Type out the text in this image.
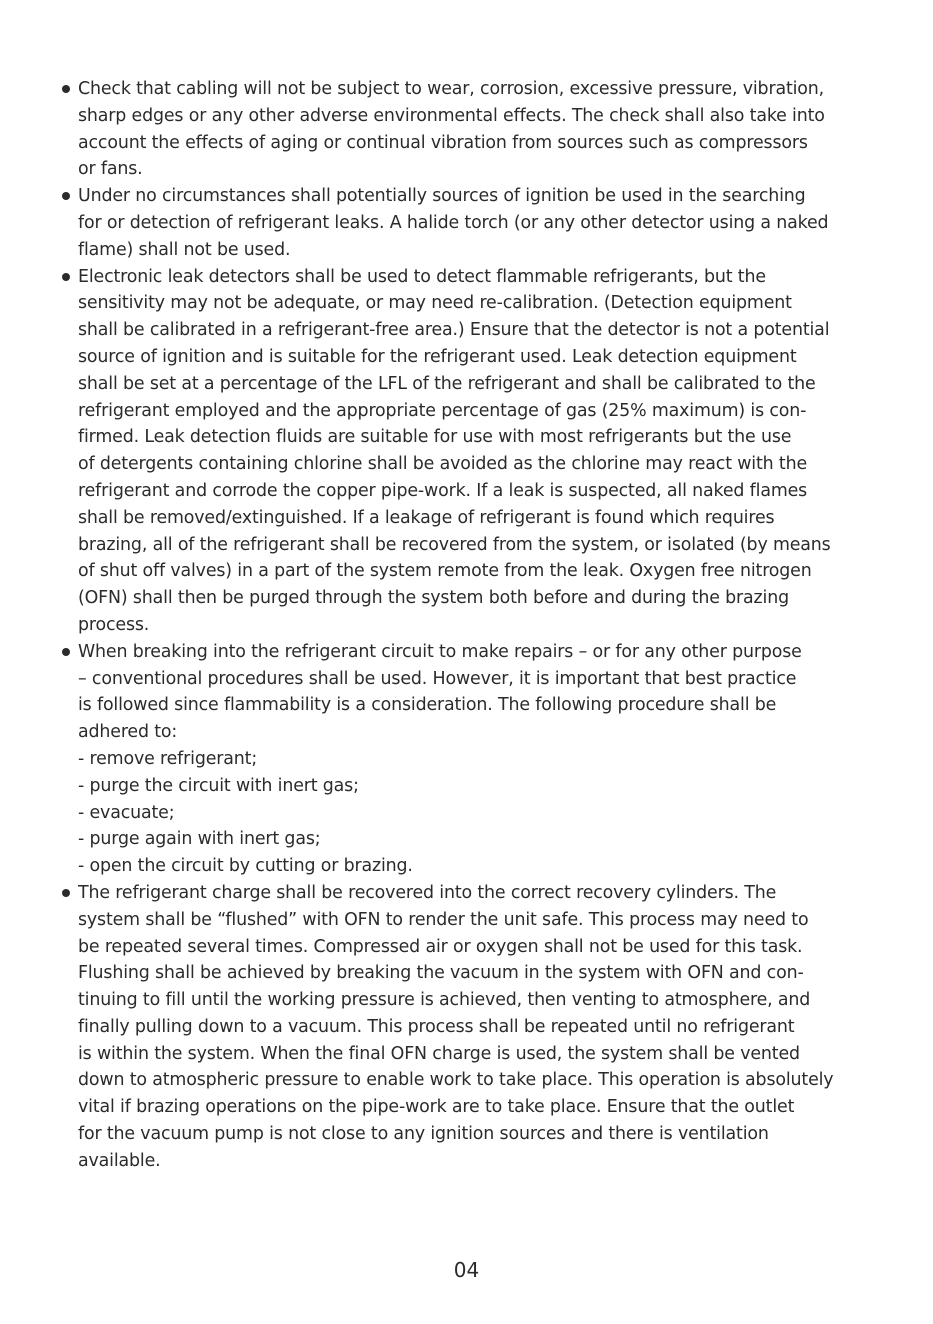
Check that cabling will not be subject to wear, corrosion, excessive pressure, vibration,
sharp edges or any other adverse environmental effects. The check shall also take into
account the effects of aging or continual vibration from sources such as compressors
or fans.
Under no circumstances shall potentially sources of ignition be used in the searching
for or detection of refrigerant leaks. A halide torch (or any other detector using a naked
flame) shall not be used.
Electronic leak detectors shall be used to detect flammable refrigerants, but the
sensitivity may not be adequate, or may need re-calibration. (Detection equipment
shall be calibrated in a refrigerant-free area.) Ensure that the detector is not a potential
source of ignition and is suitable for the refrigerant used. Leak detection equipment
shall be set at a percentage of the LFL of the refrigerant and shall be calibrated to the
refrigerant employed and the appropriate percentage of gas (25% maximum) is con-
firmed. Leak detection fluids are suitable for use with most refrigerants but the use
of detergents containing chlorine shall be avoided as the chlorine may react with the
refrigerant and corrode the copper pipe-work. If a leak is suspected, all naked flames
shall be removed/extinguished. If a leakage of refrigerant is found which requires
brazing, all of the refrigerant shall be recovered from the system, or isolated (by means
of shut off valves) in a part of the system remote from the leak. Oxygen free nitrogen
(OFN) shall then be purged through the system both before and during the brazing
process.
When breaking into the refrigerant circuit to make repairs – or for any other purpose
– conventional procedures shall be used. However, it is important that best practice
is followed since flammability is a consideration. The following procedure shall be
adhered to:
- remove refrigerant;
- purge the circuit with inert gas;
- evacuate;
- purge again with inert gas;
- open the circuit by cutting or brazing.
The refrigerant charge shall be recovered into the correct recovery cylinders. The
system shall be “flushed” with OFN to render the unit safe. This process may need to
be repeated several times. Compressed air or oxygen shall not be used for this task.
Flushing shall be achieved by breaking the vacuum in the system with OFN and con-
tinuing to fill until the working pressure is achieved, then venting to atmosphere, and
finally pulling down to a vacuum. This process shall be repeated until no refrigerant
is within the system. When the final OFN charge is used, the system shall be vented
down to atmospheric pressure to enable work to take place. This operation is absolutely
vital if brazing operations on the pipe-work are to take place. Ensure that the outlet
for the vacuum pump is not close to any ignition sources and there is ventilation
available.
04
